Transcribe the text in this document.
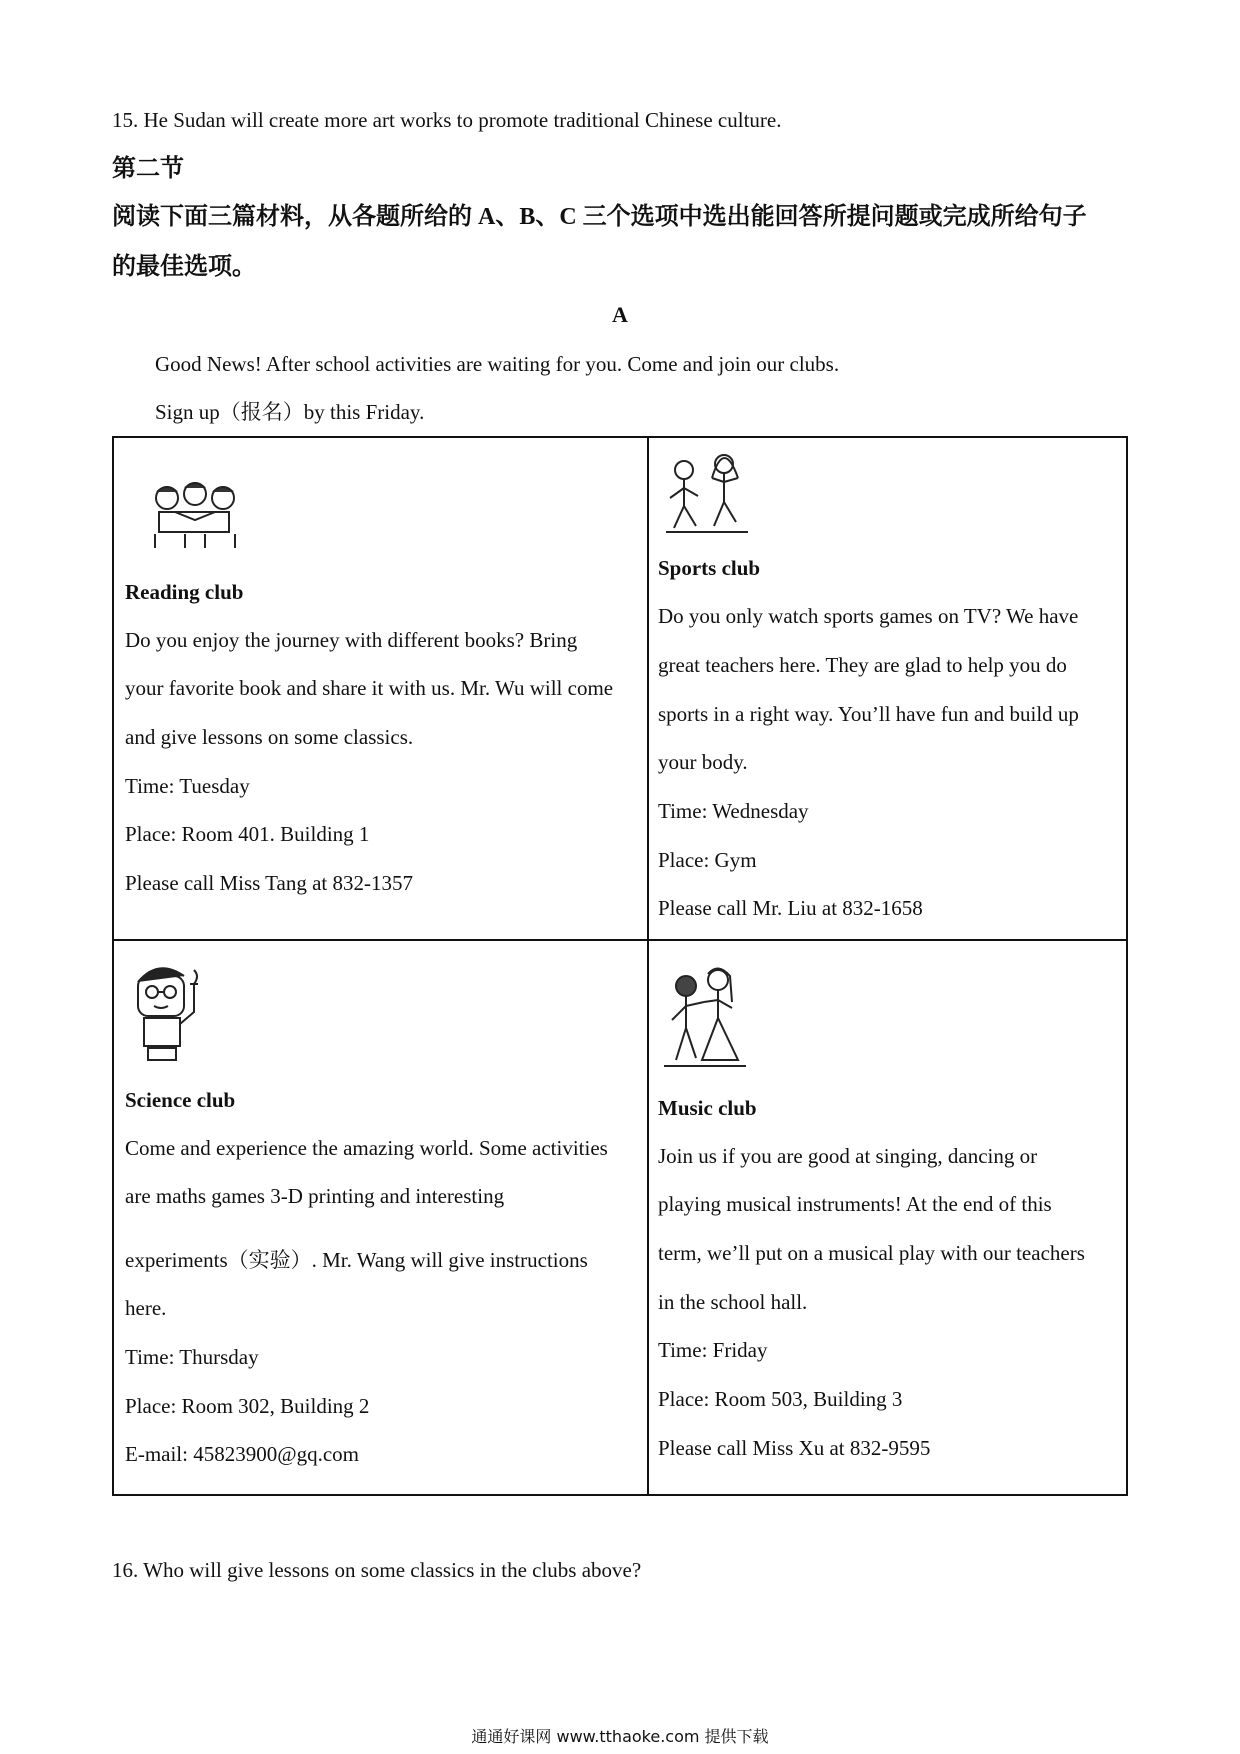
15. He Sudan will create more art works to promote traditional Chinese culture.
第二节
阅读下面三篇材料，从各题所给的 A、B、C 三个选项中选出能回答所提问题或完成所给句子
的最佳选项。
A
Good News! After school activities are waiting for you. Come and join our clubs.
Sign up（报名）by this Friday.
Reading club
Do you enjoy the journey with different books? Bring
your favorite book and share it with us. Mr. Wu will come
and give lessons on some classics.
Time: Tuesday
Place: Room 401. Building 1
Please call Miss Tang at 832-1357
Sports club
Do you only watch sports games on TV? We have
great teachers here. They are glad to help you do
sports in a right way. You’ll have fun and build up
your body.
Time: Wednesday
Place: Gym
Please call Mr. Liu at 832-1658
Science club
Come and experience the amazing world. Some activities
are maths games 3-D printing and interesting
experiments（实验）. Mr. Wang will give instructions
here.
Time: Thursday
Place: Room 302, Building 2
E-mail: 45823900@gq.com
Music club
Join us if you are good at singing, dancing or
playing musical instruments! At the end of this
term, we’ll put on a musical play with our teachers
in the school hall.
Time: Friday
Place: Room 503, Building 3
Please call Miss Xu at 832-9595
16. Who will give lessons on some classics in the clubs above?
通通好课网 www.tthaoke.com 提供下载
